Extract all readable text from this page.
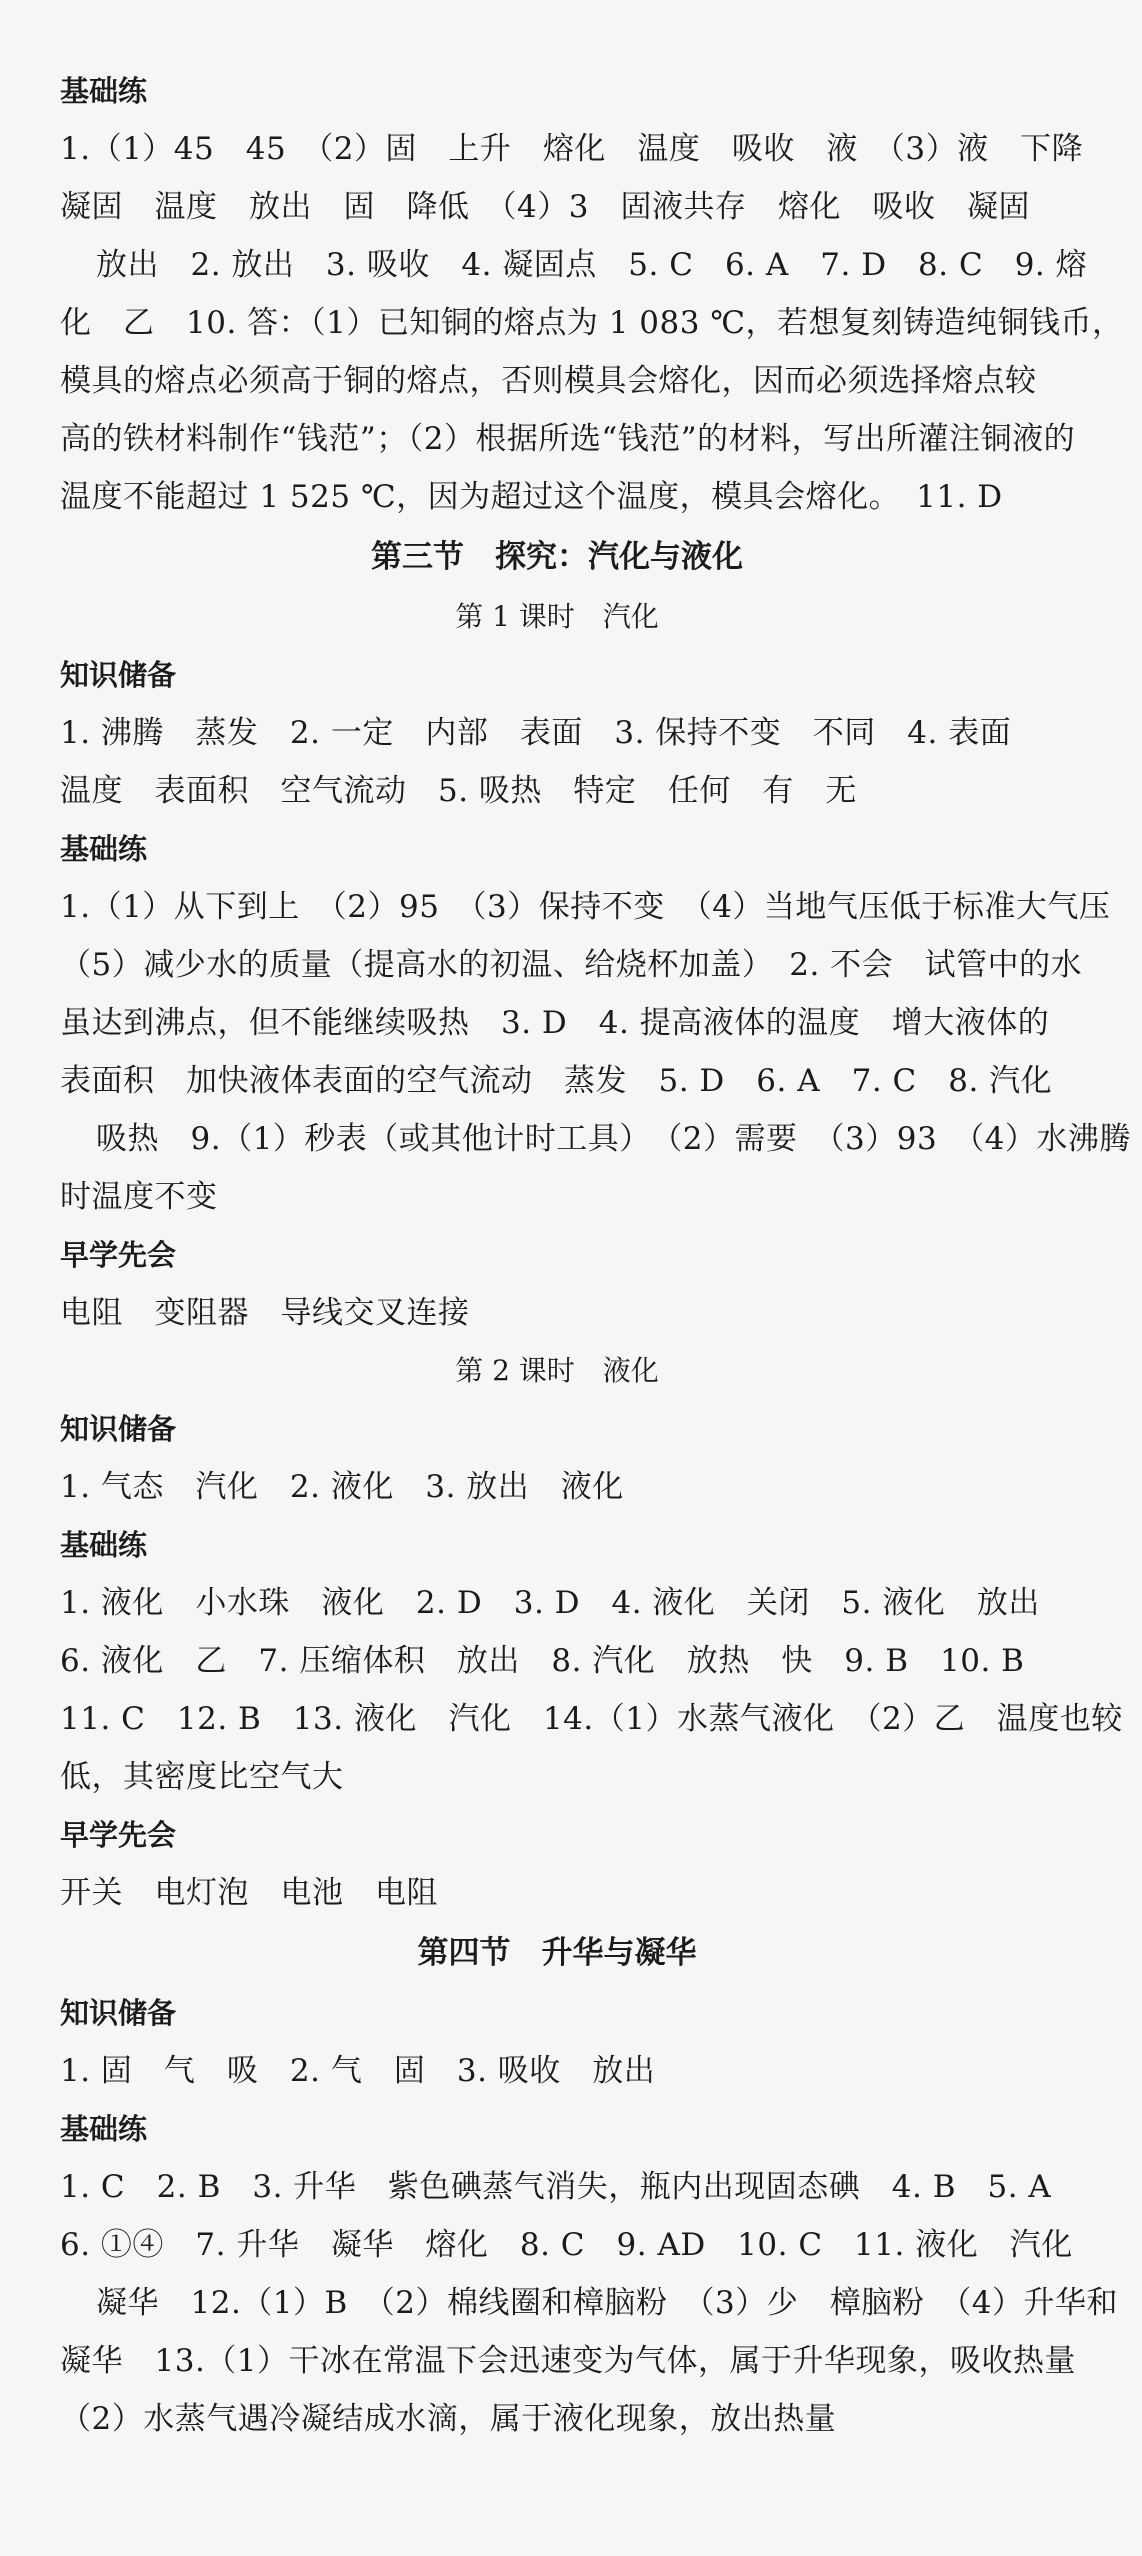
基础练
1.（1）45　45　（2）固　上升　熔化　温度　吸收　液　（3）液　下降
凝固　温度　放出　固　降低　（4）3　固液共存　熔化　吸收　凝固
放出　2. 放出　3. 吸收　4. 凝固点　5. C　6. A　7. D　8. C　9. 熔
化　乙　10. 答：（1）已知铜的熔点为 1 083 ℃，若想复刻铸造纯铜钱币，
模具的熔点必须高于铜的熔点，否则模具会熔化，因而必须选择熔点较
高的铁材料制作“钱范”；（2）根据所选“钱范”的材料，写出所灌注铜液的
温度不能超过 1 525 ℃，因为超过这个温度，模具会熔化。　11. D
第三节　探究：汽化与液化
第 1 课时　汽化
知识储备
1. 沸腾　蒸发　2. 一定　内部　表面　3. 保持不变　不同　4. 表面
温度　表面积　空气流动　5. 吸热　特定　任何　有　无
基础练
1.（1）从下到上　（2）95　（3）保持不变　（4）当地气压低于标准大气压
（5）减少水的质量（提高水的初温、给烧杯加盖）　2. 不会　试管中的水
虽达到沸点，但不能继续吸热　3. D　4. 提高液体的温度　增大液体的
表面积　加快液体表面的空气流动　蒸发　5. D　6. A　7. C　8. 汽化
吸热　9.（1）秒表（或其他计时工具）　（2）需要　（3）93　（4）水沸腾
时温度不变
早学先会
电阻　变阻器　导线交叉连接
第 2 课时　液化
知识储备
1. 气态　汽化　2. 液化　3. 放出　液化
基础练
1. 液化　小水珠　液化　2. D　3. D　4. 液化　关闭　5. 液化　放出
6. 液化　乙　7. 压缩体积　放出　8. 汽化　放热　快　9. B　10. B
11. C　12. B　13. 液化　汽化　14.（1）水蒸气液化　（2）乙　温度也较
低，其密度比空气大
早学先会
开关　电灯泡　电池　电阻
第四节　升华与凝华
知识储备
1. 固　气　吸　2. 气　固　3. 吸收　放出
基础练
1. C　2. B　3. 升华　紫色碘蒸气消失，瓶内出现固态碘　4. B　5. A
6. ①④　7. 升华　凝华　熔化　8. C　9. AD　10. C　11. 液化　汽化
凝华　12.（1）B　（2）棉线圈和樟脑粉　（3）少　樟脑粉　（4）升华和
凝华　13.（1）干冰在常温下会迅速变为气体，属于升华现象，吸收热量
（2）水蒸气遇冷凝结成水滴，属于液化现象，放出热量
